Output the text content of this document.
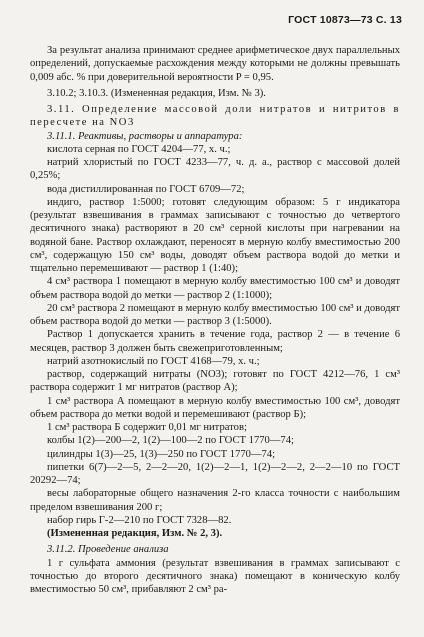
ГОСТ 10873—73 С. 13

За результат анализа принимают среднее арифметическое двух параллельных определений, допускаемые расхождения между которыми не должны превышать 0,009 абс. % при доверительной вероятности P = 0,95.

3.10.2; 3.10.3. (Измененная редакция, Изм. № 3).

3.11. Определение массовой доли нитратов и нитритов в пересчете на NO3

3.11.1. Реактивы, растворы и аппаратура:

кислота серная по ГОСТ 4204—77, х. ч.;

натрий хлористый по ГОСТ 4233—77, ч. д. а., раствор с массовой долей 0,25%;

вода дистиллированная по ГОСТ 6709—72;

индиго, раствор 1:5000; готовят следующим образом: 5 г индикатора (результат взвешивания в граммах записывают с точностью до четвертого десятичного знака) растворяют в 20 см³ серной кислоты при нагревании на водяной бане. Раствор охлаждают, переносят в мерную колбу вместимостью 200 см³, содержащую 150 см³ воды, доводят объем раствора водой до метки и тщательно перемешивают — раствор 1 (1:40);

4 см³ раствора 1 помещают в мерную колбу вместимостью 100 см³ и доводят объем раствора водой до метки — раствор 2 (1:1000);

20 см³ раствора 2 помещают в мерную колбу вместимостью 100 см³ и доводят объем раствора водой до метки — раствор 3 (1:5000).

Раствор 1 допускается хранить в течение года, раствор 2 — в течение 6 месяцев, раствор 3 должен быть свежеприготовленным;

натрий азотнокислый по ГОСТ 4168—79, х. ч.;

раствор, содержащий нитраты (NO3); готовят по ГОСТ 4212—76, 1 см³ раствора содержит 1 мг нитратов (раствор А);

1 см³ раствора А помещают в мерную колбу вместимостью 100 см³, доводят объем раствора до метки водой и перемешивают (раствор Б);

1 см³ раствора Б содержит 0,01 мг нитратов;

колбы 1(2)—200—2, 1(2)—100—2 по ГОСТ 1770—74;

цилиндры 1(3)—25, 1(3)—250 по ГОСТ 1770—74;

пипетки 6(7)—2—5, 2—2—20, 1(2)—2—1, 1(2)—2—2, 2—2—10 по ГОСТ 20292—74;

весы лабораторные общего назначения 2-го класса точности с наибольшим пределом взвешивания 200 г;

набор гирь Г-2—210 по ГОСТ 7328—82.

(Измененная редакция, Изм. № 2, 3).

3.11.2. Проведение анализа

1 г сульфата аммония (результат взвешивания в граммах записывают с точностью до второго десятичного знака) помещают в коническую колбу вместимостью 50 см³, прибавляют 2 см³ ра-
